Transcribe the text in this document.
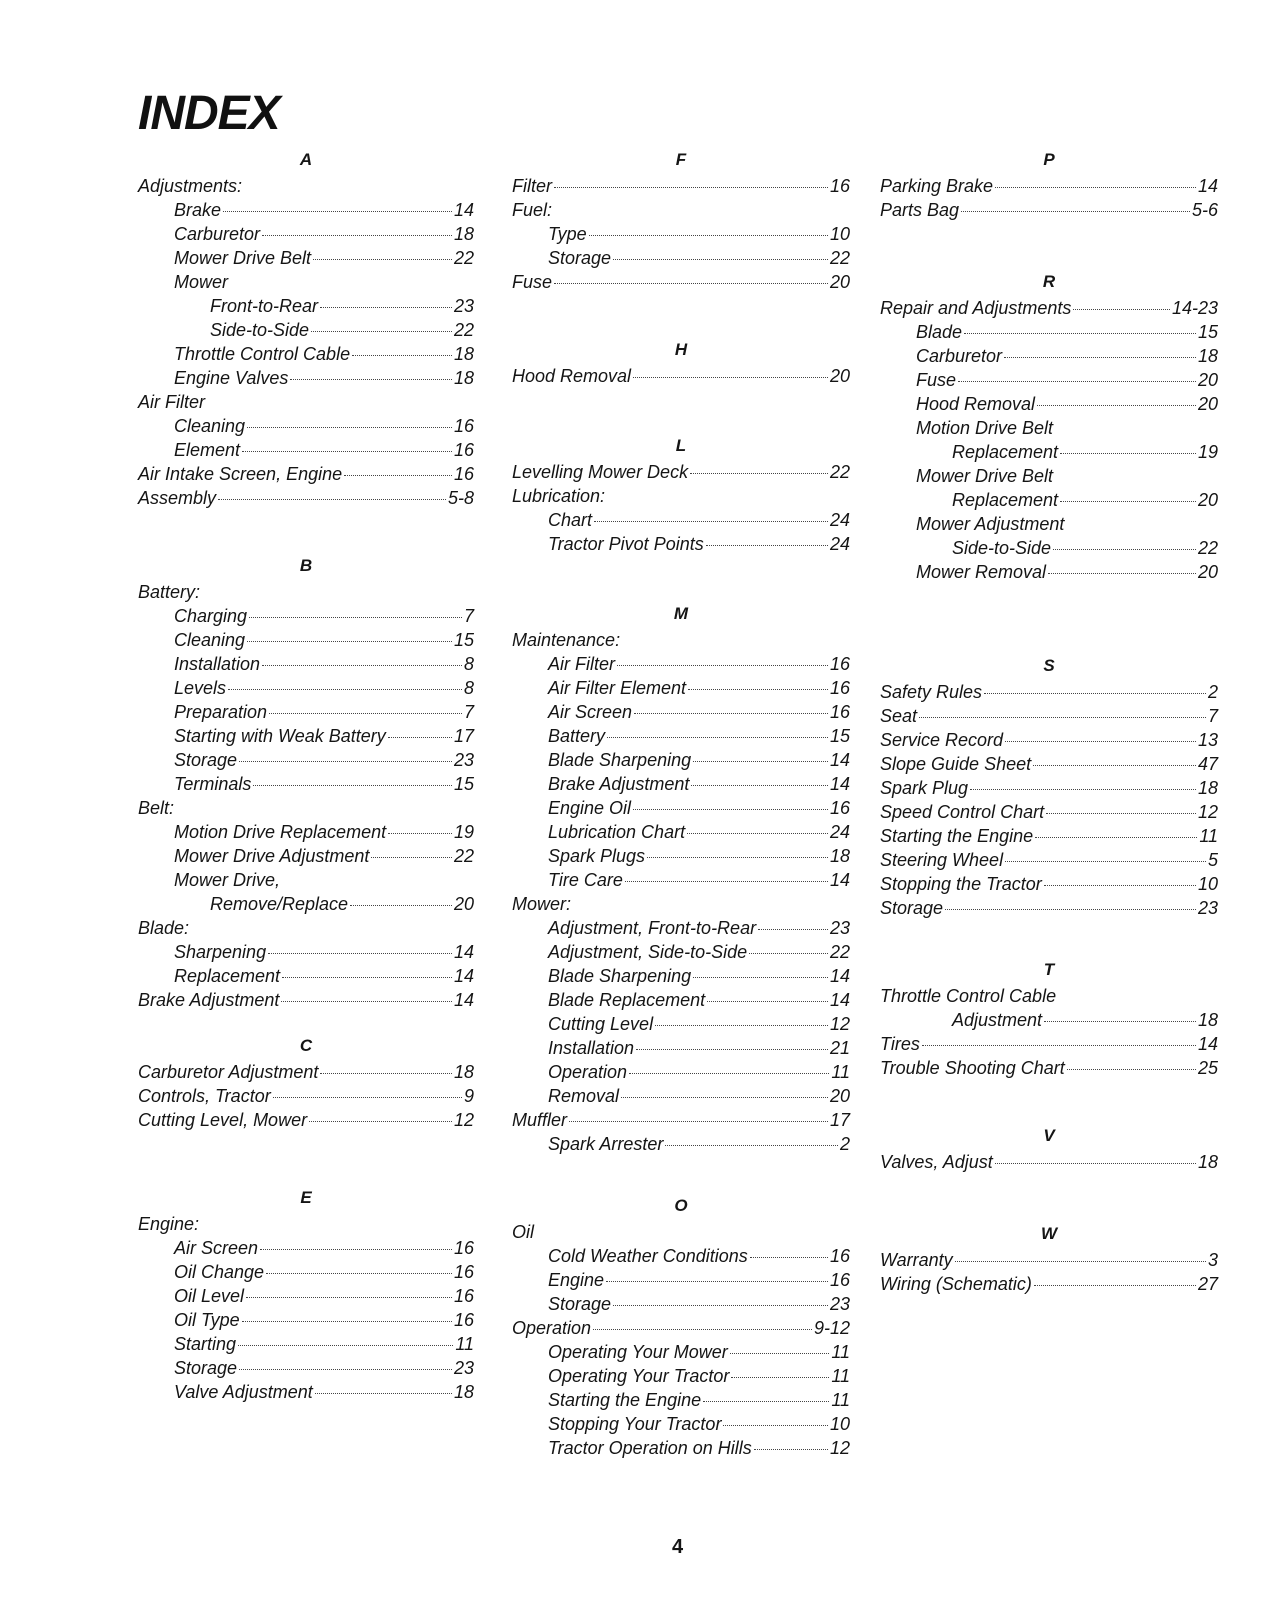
INDEX
A
Adjustments:
Brake	14
Carburetor	18
Mower Drive Belt	22
Mower
Front-to-Rear	23
Side-to-Side	22
Throttle Control Cable	18
Engine Valves	18
Air Filter
Cleaning	16
Element	16
Air Intake Screen, Engine	16
Assembly	5-8
B
Battery:
Charging	7
Cleaning	15
Installation	8
Levels	8
Preparation	7
Starting with Weak Battery	17
Storage	23
Terminals	15
Belt:
Motion Drive Replacement	19
Mower Drive Adjustment	22
Mower Drive,
Remove/Replace	20
Blade:
Sharpening	14
Replacement	14
Brake Adjustment	14
C
Carburetor Adjustment	18
Controls, Tractor	9
Cutting Level, Mower	12
E
Engine:
Air Screen	16
Oil Change	16
Oil Level	16
Oil Type	16
Starting	11
Storage	23
Valve Adjustment	18
F
Filter	16
Fuel:
Type	10
Storage	22
Fuse	20
H
Hood Removal	20
L
Levelling Mower Deck	22
Lubrication:
Chart	24
Tractor Pivot Points	24
M
Maintenance:
Air Filter	16
Air Filter Element	16
Air Screen	16
Battery	15
Blade Sharpening	14
Brake Adjustment	14
Engine Oil	16
Lubrication Chart	24
Spark Plugs	18
Tire Care	14
Mower:
Adjustment, Front-to-Rear	23
Adjustment, Side-to-Side	22
Blade Sharpening	14
Blade Replacement	14
Cutting Level	12
Installation	21
Operation	11
Removal	20
Muffler	17
Spark Arrester	2
O
Oil
Cold Weather Conditions	16
Engine	16
Storage	23
Operation	9-12
Operating Your Mower	11
Operating Your Tractor	11
Starting the Engine	11
Stopping Your Tractor	10
Tractor Operation on Hills	12
P
Parking Brake	14
Parts Bag	5-6
R
Repair and Adjustments	14-23
Blade	15
Carburetor	18
Fuse	20
Hood Removal	20
Motion Drive Belt
Replacement	19
Mower Drive Belt
Replacement	20
Mower Adjustment
Side-to-Side	22
Mower Removal	20
S
Safety Rules	2
Seat	7
Service Record	13
Slope Guide Sheet	47
Spark Plug	18
Speed Control Chart	12
Starting the Engine	11
Steering Wheel	5
Stopping the Tractor	10
Storage	23
T
Throttle Control Cable
Adjustment	18
Tires	14
Trouble Shooting Chart	25
V
Valves, Adjust	18
W
Warranty	3
Wiring (Schematic)	27
4
